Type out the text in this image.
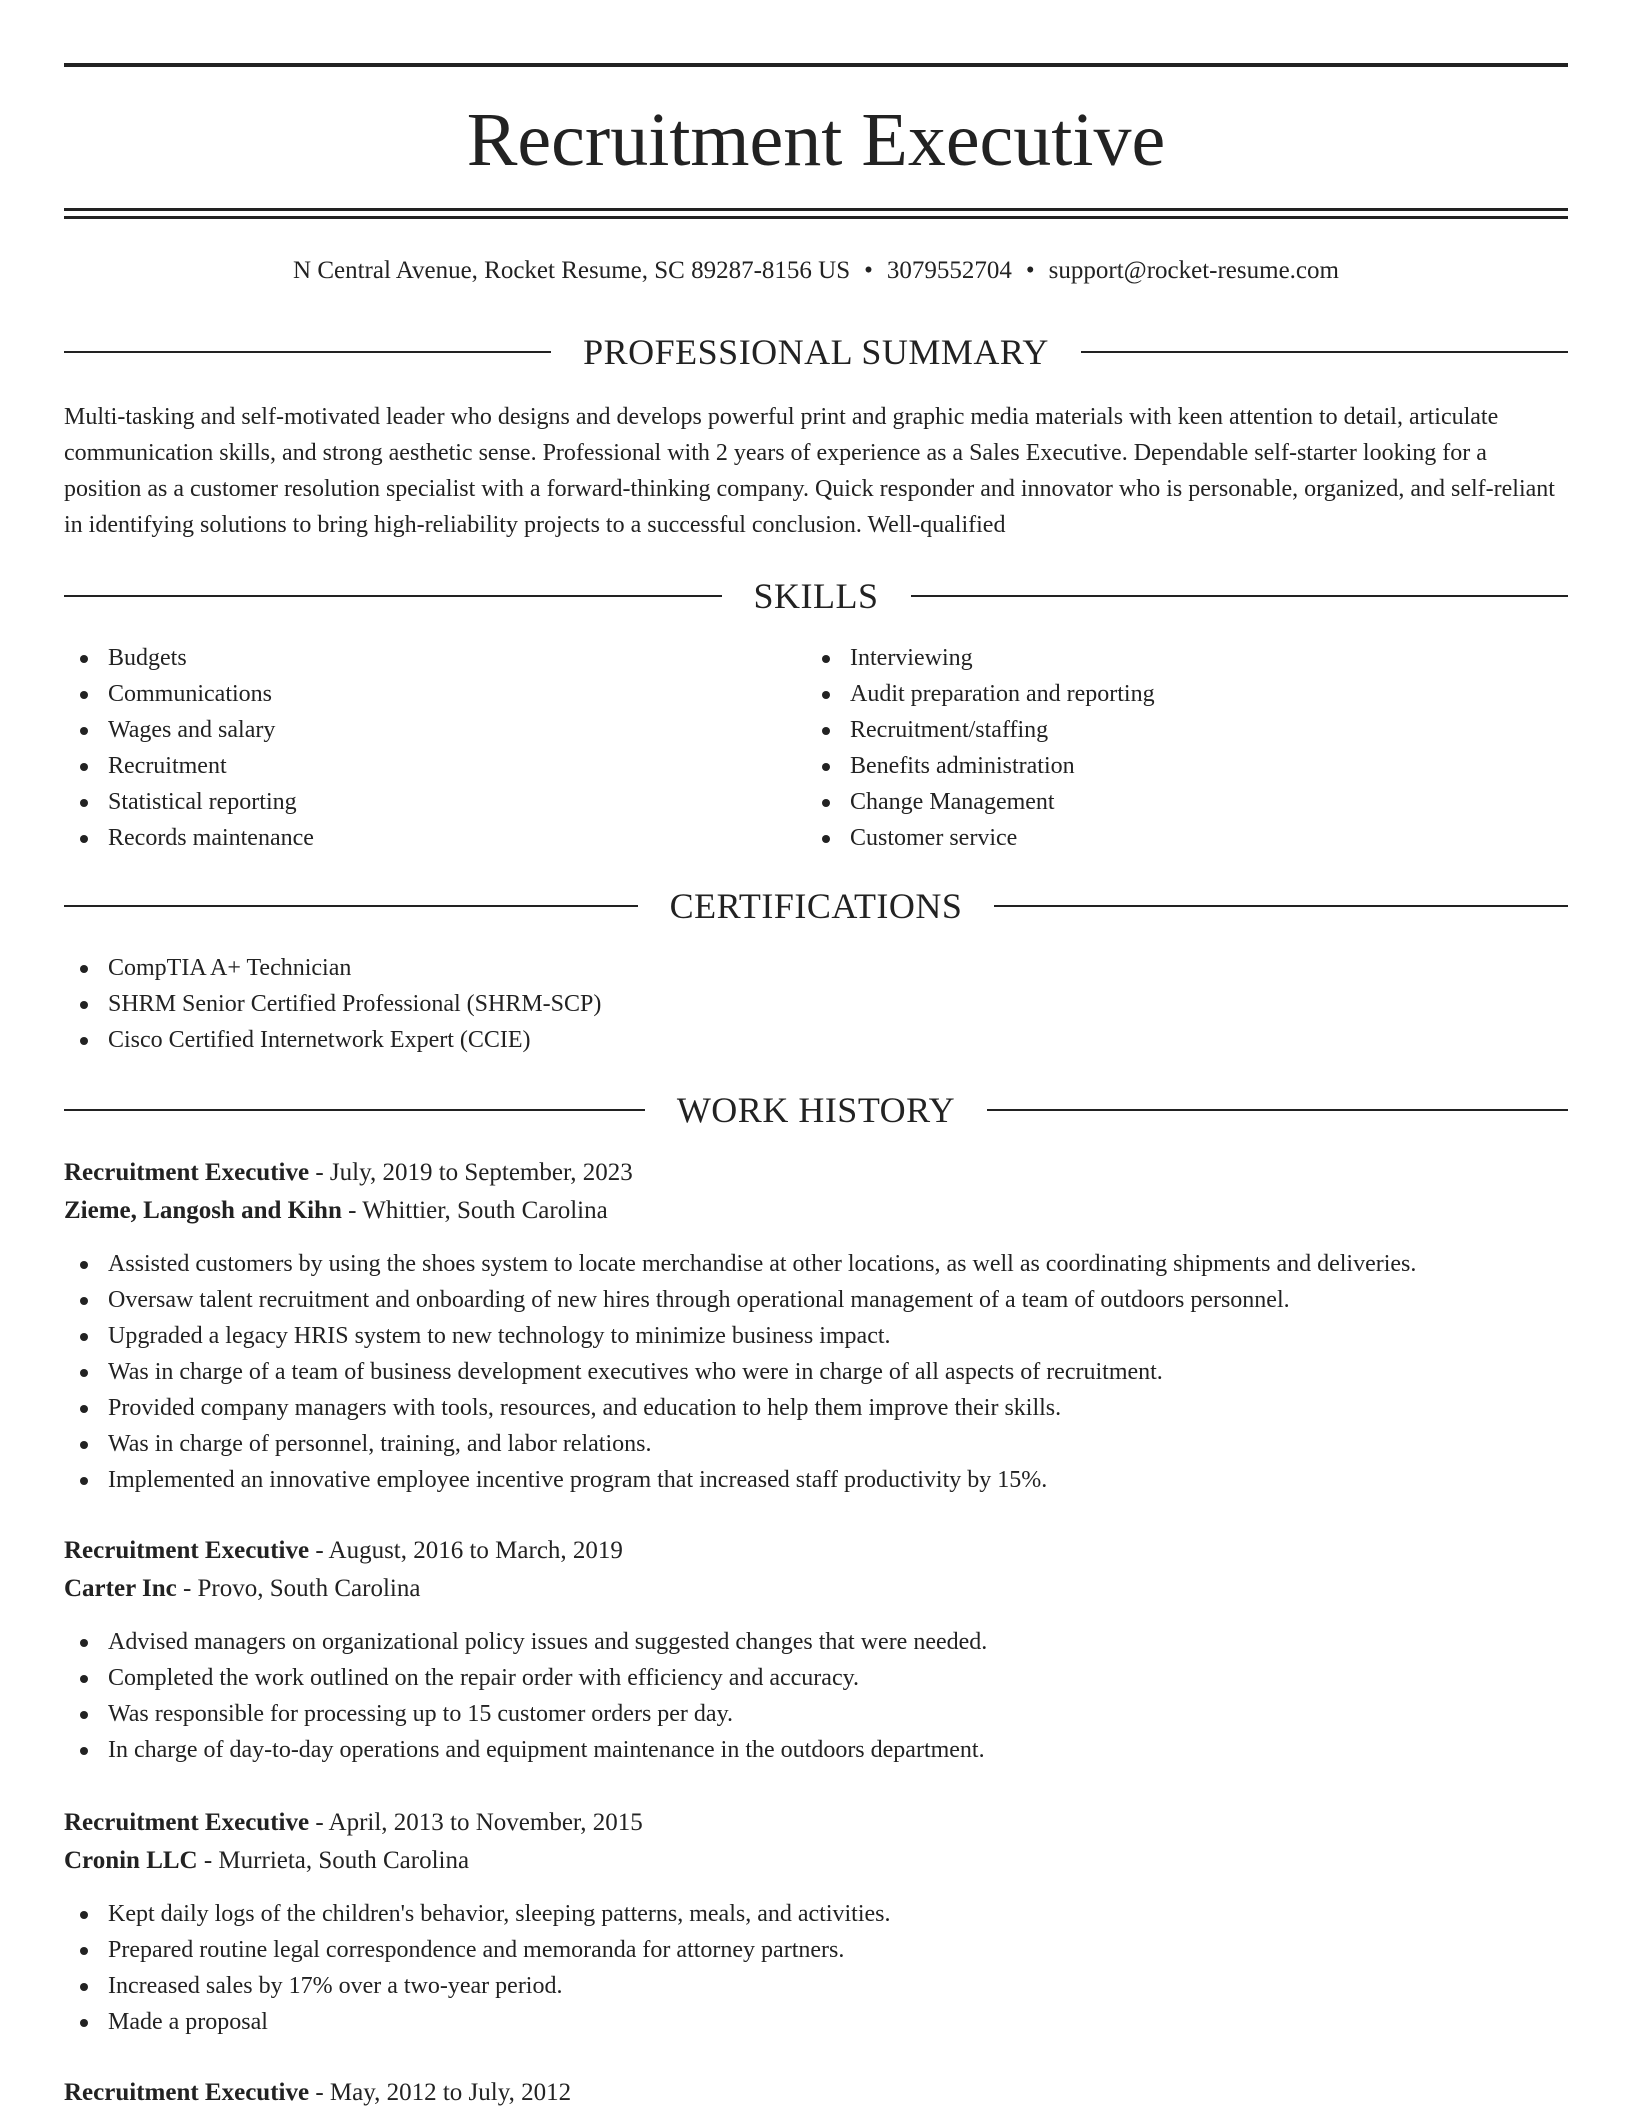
Recruitment Executive
N Central Avenue, Rocket Resume, SC 89287-8156 US • 3079552704 • support@rocket-resume.com
PROFESSIONAL SUMMARY
Multi-tasking and self-motivated leader who designs and develops powerful print and graphic media materials with keen attention to detail, articulate communication skills, and strong aesthetic sense. Professional with 2 years of experience as a Sales Executive. Dependable self-starter looking for a position as a customer resolution specialist with a forward-thinking company. Quick responder and innovator who is personable, organized, and self-reliant in identifying solutions to bring high-reliability projects to a successful conclusion. Well-qualified
SKILLS
Budgets
Communications
Wages and salary
Recruitment
Statistical reporting
Records maintenance
Interviewing
Audit preparation and reporting
Recruitment/staffing
Benefits administration
Change Management
Customer service
CERTIFICATIONS
CompTIA A+ Technician
SHRM Senior Certified Professional (SHRM-SCP)
Cisco Certified Internetwork Expert (CCIE)
WORK HISTORY
Recruitment Executive - July, 2019 to September, 2023
Zieme, Langosh and Kihn - Whittier, South Carolina
Assisted customers by using the shoes system to locate merchandise at other locations, as well as coordinating shipments and deliveries.
Oversaw talent recruitment and onboarding of new hires through operational management of a team of outdoors personnel.
Upgraded a legacy HRIS system to new technology to minimize business impact.
Was in charge of a team of business development executives who were in charge of all aspects of recruitment.
Provided company managers with tools, resources, and education to help them improve their skills.
Was in charge of personnel, training, and labor relations.
Implemented an innovative employee incentive program that increased staff productivity by 15%.
Recruitment Executive - August, 2016 to March, 2019
Carter Inc - Provo, South Carolina
Advised managers on organizational policy issues and suggested changes that were needed.
Completed the work outlined on the repair order with efficiency and accuracy.
Was responsible for processing up to 15 customer orders per day.
In charge of day-to-day operations and equipment maintenance in the outdoors department.
Recruitment Executive - April, 2013 to November, 2015
Cronin LLC - Murrieta, South Carolina
Kept daily logs of the children's behavior, sleeping patterns, meals, and activities.
Prepared routine legal correspondence and memoranda for attorney partners.
Increased sales by 17% over a two-year period.
Made a proposal
Recruitment Executive - May, 2012 to July, 2012
